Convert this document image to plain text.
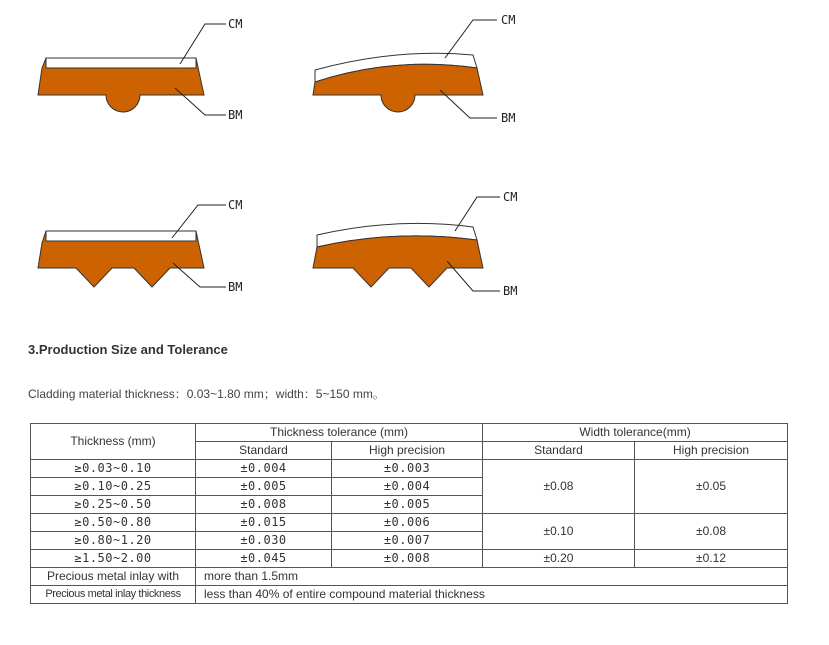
CM
BM
CM
BM
CM
BM
CM
BM
3.Production Size and Tolerance
Cladding material thickness：0.03~1.80 mm；width：5~150 mm。
Thickness (mm)	Thickness tolerance (mm)		Width tolerance(mm)	
	Standard	High precision	Standard	High precision
≥0.03~0.10	±0.004	±0.003	±0.08	±0.05
≥0.10~0.25	±0.005	±0.004		
≥0.25~0.50	±0.008	±0.005		
≥0.50~0.80	±0.015	±0.006	±0.10	±0.08
≥0.80~1.20	±0.030	±0.007		
≥1.50~2.00	±0.045	±0.008	±0.20	±0.12
Precious metal inlay with	more than 1.5mm			
Precious metal inlay thickness	less than 40% of entire compound material thickness			
